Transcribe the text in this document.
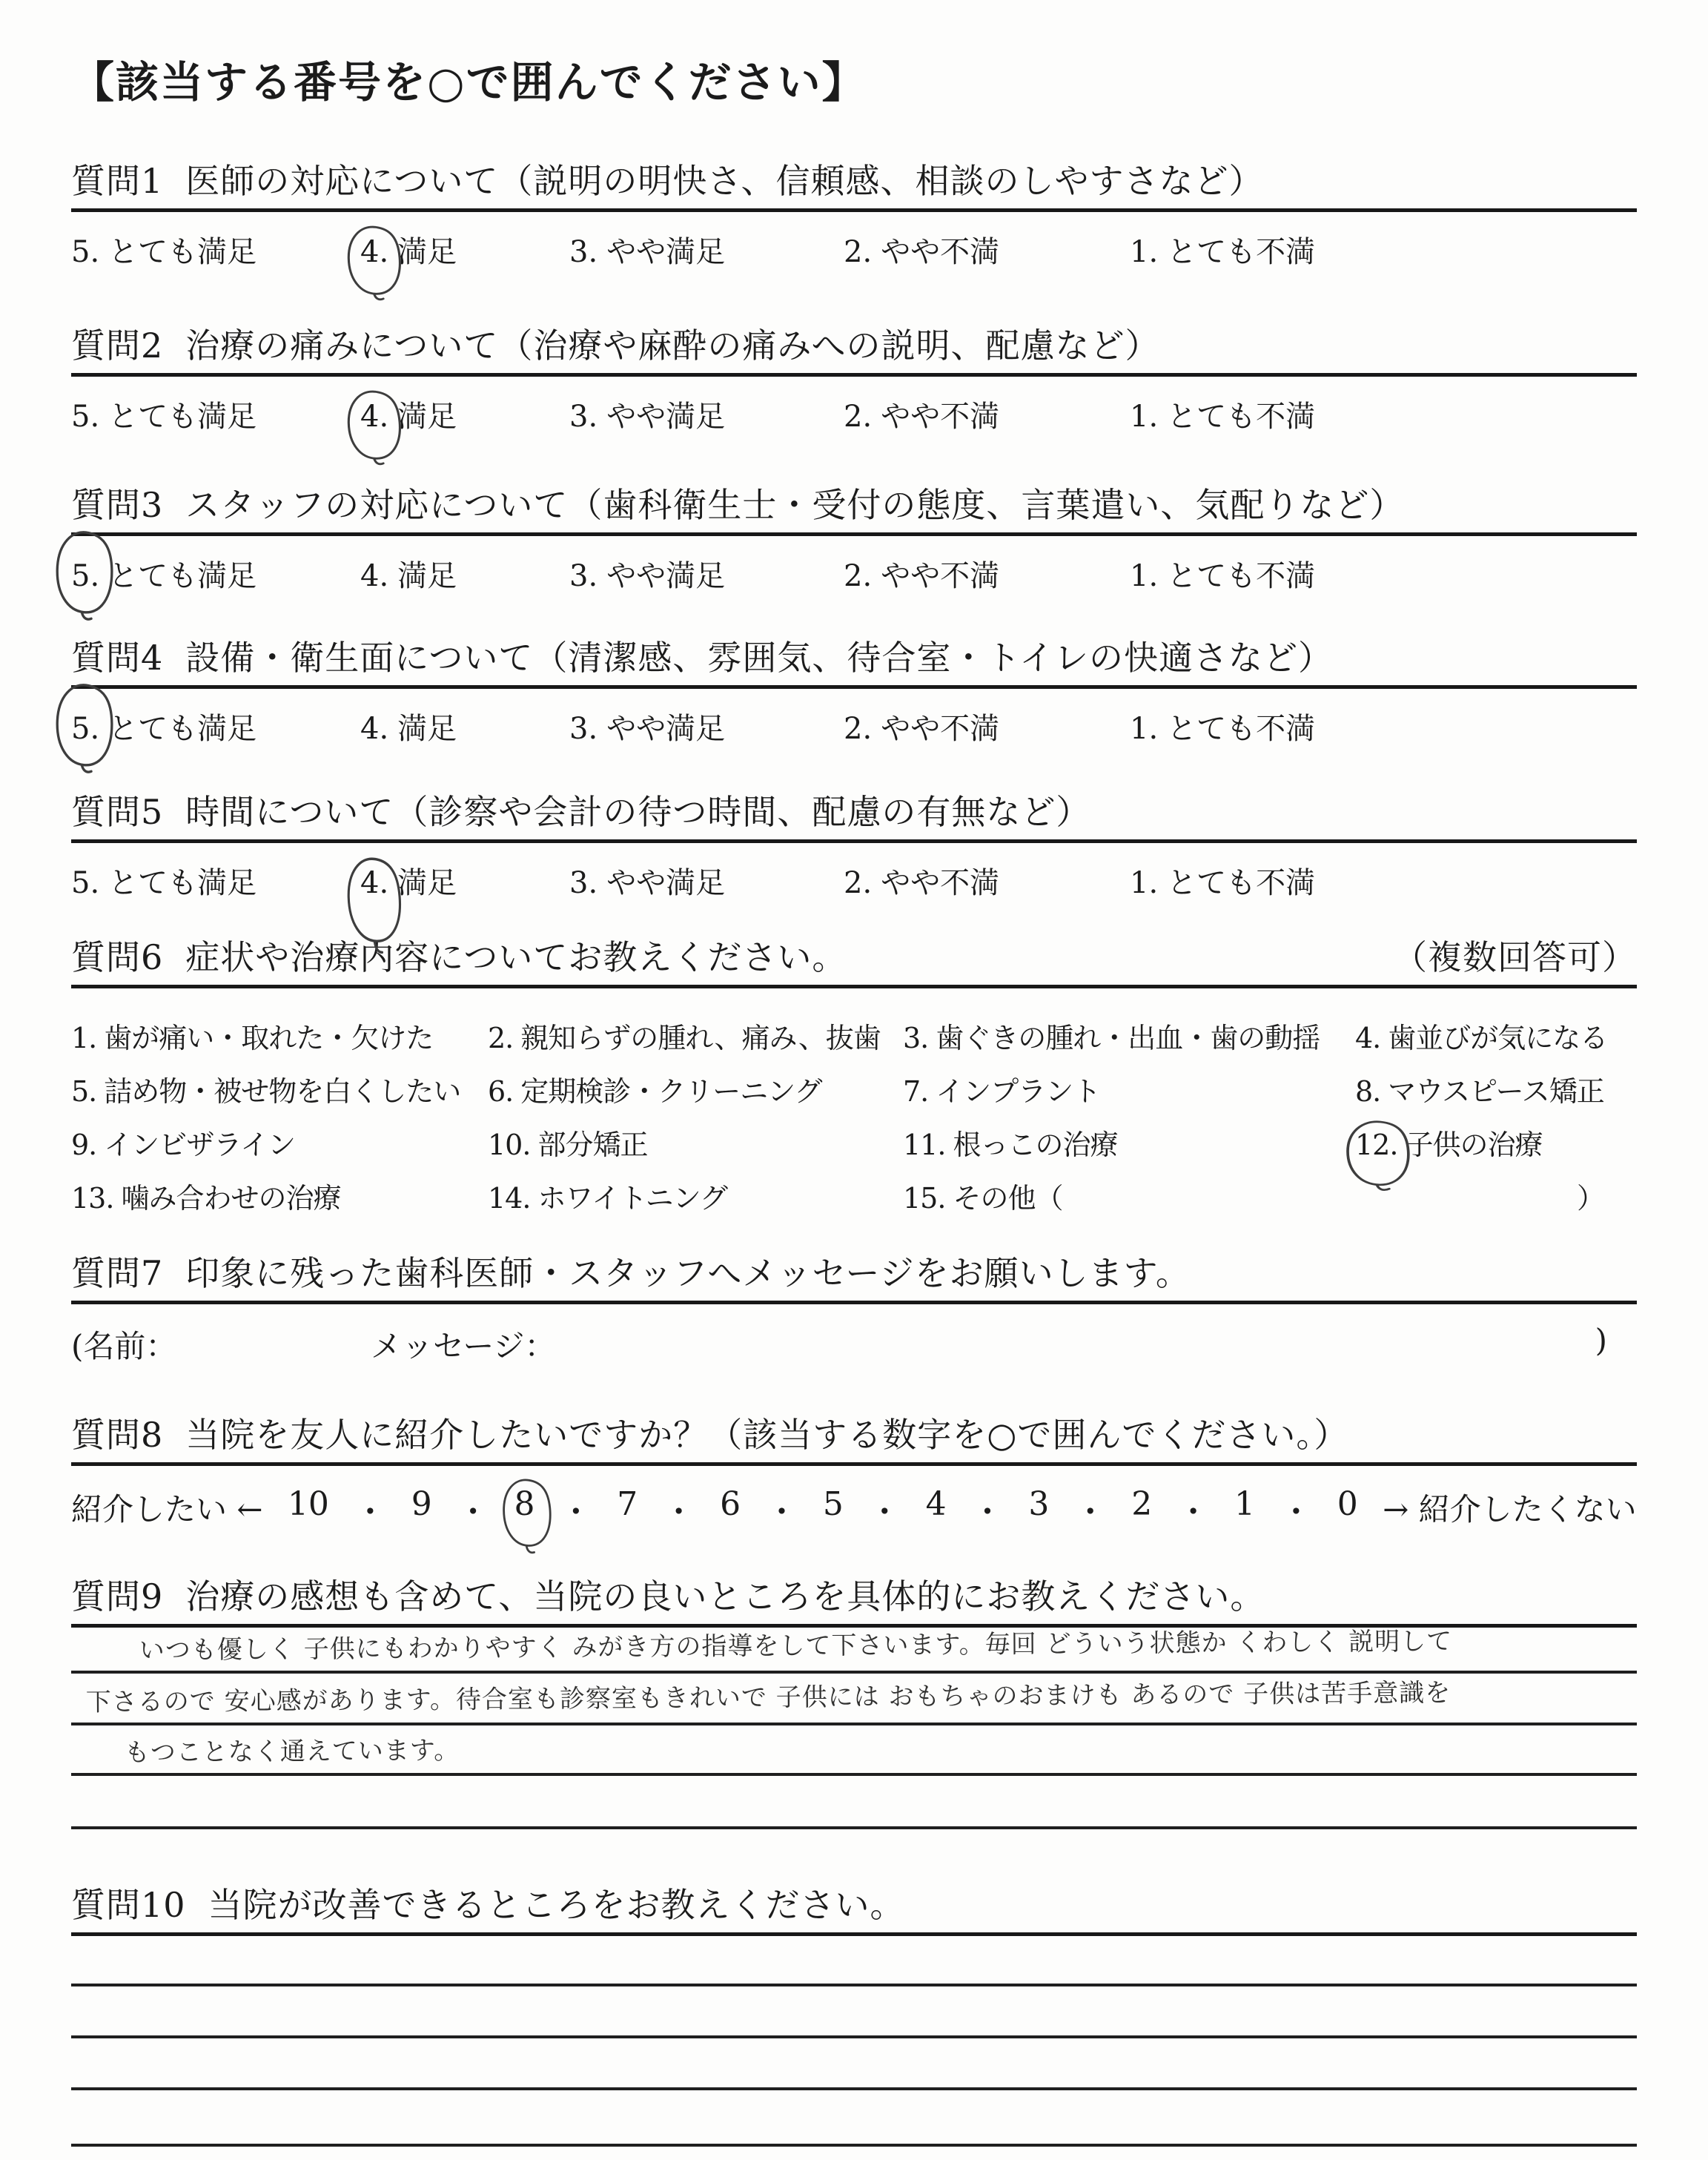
【該当する番号を○で囲んでください】
質問1 医師の対応について（説明の明快さ、信頼感、相談のしやすさなど）
5. とても満足	4. 満足	3. やや満足	2. やや不満	1. とても不満
質問2 治療の痛みについて（治療や麻酔の痛みへの説明、配慮など）
5. とても満足	4. 満足	3. やや満足	2. やや不満	1. とても不満
質問3 スタッフの対応について（歯科衛生士・受付の態度、言葉遣い、気配りなど）
5. とても満足	4. 満足	3. やや満足	2. やや不満	1. とても不満
質問4 設備・衛生面について（清潔感、雰囲気、待合室・トイレの快適さなど）
5. とても満足	4. 満足	3. やや満足	2. やや不満	1. とても不満
質問5 時間について（診察や会計の待つ時間、配慮の有無など）
5. とても満足	4. 満足	3. やや満足	2. やや不満	1. とても不満
質問6 症状や治療内容についてお教えください。	（複数回答可）
1. 歯が痛い・取れた・欠けた 2. 親知らずの腫れ、痛み、抜歯 3. 歯ぐきの腫れ・出血・歯の動揺 4. 歯並びが気になる
5. 詰め物・被せ物を白くしたい 6. 定期検診・クリーニング	7. インプラント	8. マウスピース矯正
9. インビザライン	10. 部分矯正	11. 根っこの治療	12. 子供の治療
13. 噛み合わせの治療	14. ホワイトニング	15. その他（	）
質問7 印象に残った歯科医師・スタッフへメッセージをお願いします。
(名前：	メッセージ：	)
質問8 当院を友人に紹介したいですか？（該当する数字を○で囲んでください。）
紹介したい ← 10 ・ 9 ・ 8 ・ 7 ・ 6 ・ 5 ・ 4 ・ 3 ・ 2 ・ 1 ・ 0 → 紹介したくない
質問9 治療の感想も含めて、当院の良いところを具体的にお教えください。
いつも優しく 子供にもわかりやすく みがき方の指導をして下さいます。毎回 どういう状態か くわしく 説明して
下さるので 安心感があります。待合室も診察室もきれいで 子供には おもちゃのおまけも あるので 子供は苦手意識を
もつことなく通えています。
質問10 当院が改善できるところをお教えください。
